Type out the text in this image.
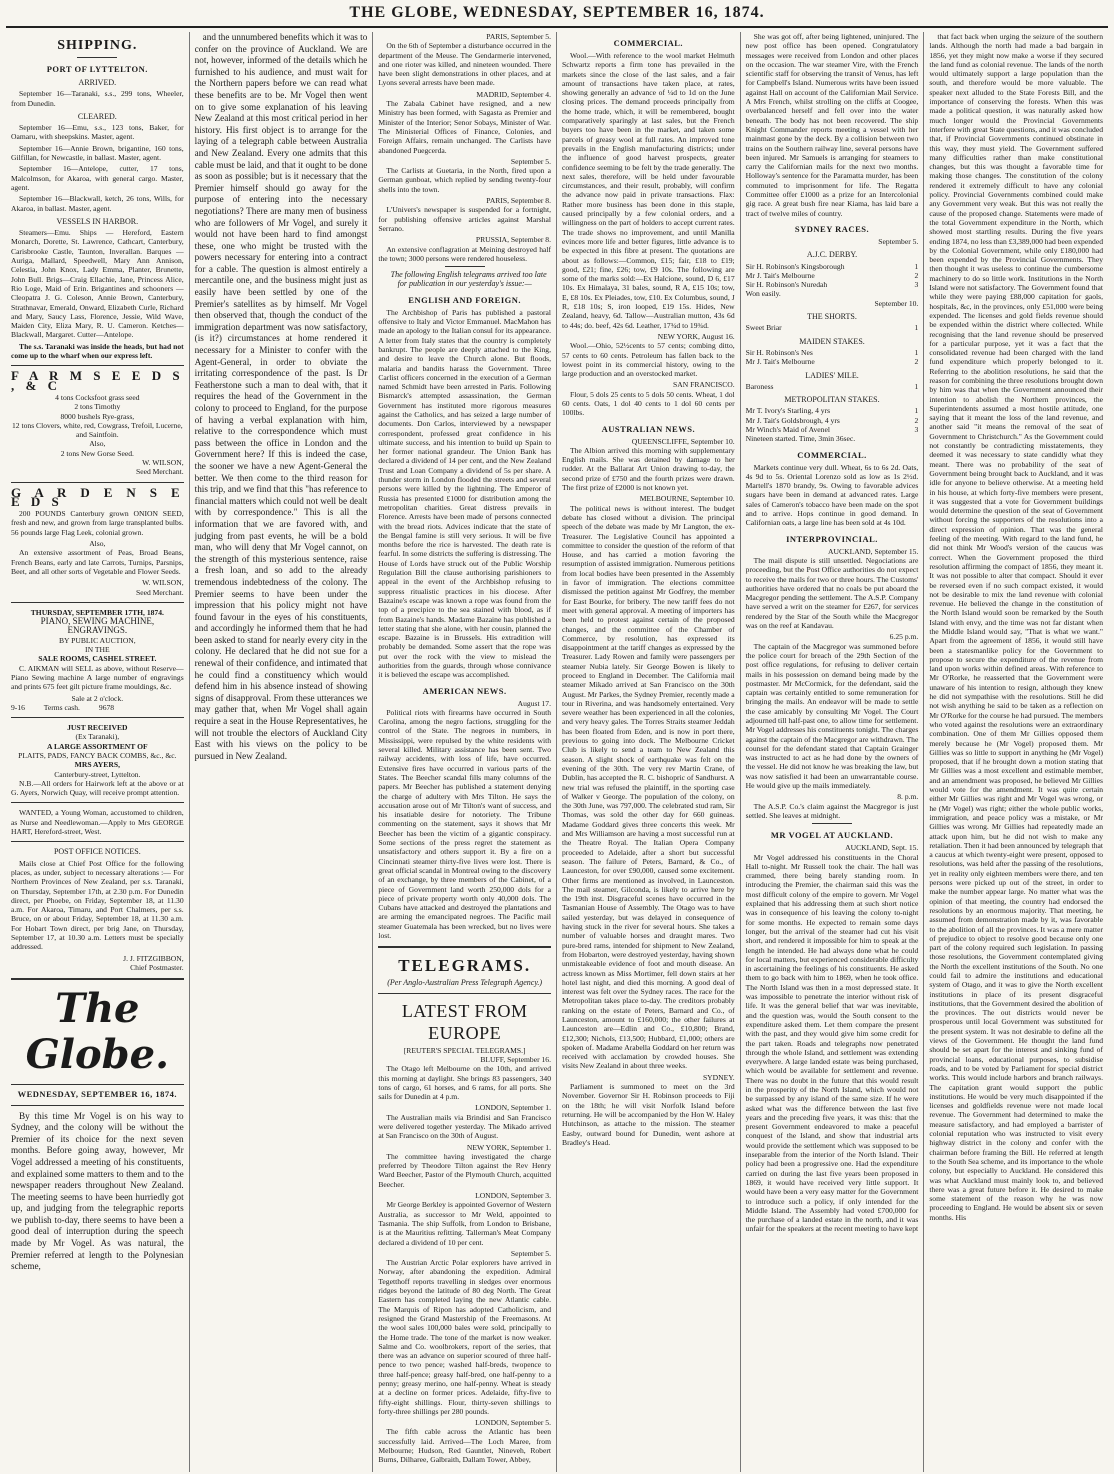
THE GLOBE, WEDNESDAY, SEPTEMBER 16, 1874.
SHIPPING.
PORT OF LYTTELTON.
ARRIVED.

September 16—Taranaki, s.s., 299 tons, Wheeler, from Dunedin.

CLEARED.

September 16—Emu, s.s., 123 tons, Baker, for Oamaru, with sheepskins. Master, agent.

September 16—Annie Brown, brigantine, 160 tons, Gilfillan, for Newcastle, in ballast. Master, agent.

September 16—Antelope, cutter, 17 tons, Malcolmson, for Akaroa, with general cargo. Master, agent.

September 16—Blackwall, ketch, 26 tons, Wills, for Akaroa, in ballast. Master, agent.

VESSELS IN HARBOR.

Steamers—Emu. Ships — Hereford, Eastern Monarch, Dorette, St. Lawrence, Cathcart, Canterbury, Carisbrooke Castle, Taunton, Inverallan. Barques — Auriga, Mallard, Speedwell, Mary Ann Annison, Celestia, John Knox, Lady Emma, Planter, Brunette, John Bull. Brigs—Craig Ellachie, Jane, Princess Alice, Rio Loge, Maid of Erin. Brigantines and schooners — Cleopatra J. G. Coleson, Annie Brown, Canterbury, Strathnavar, Emerald, Onward, Elizabeth Curle, Richard and Mary, Saucy Lass, Florence, Jessie, Wild Wave, Maiden City, Eliza Mary, R. U. Cameron. Ketches—Blackwall, Margaret. Cutter—Antelope.

The s.s. Taranaki was inside the heads, but had not come up to the wharf when our express left.

F A R M S E E D S , & C
4 tons Cocksfoot grass seed
2 tons Timothy
8000 bushels Rye-grass,
12 tons Clovers, white, red, Cowgrass, Trefoil, Lucerne, and Saintfoin.
Also,
2 tons New Gorse Seed.
W. WILSON,
Seed Merchant.
G A R D E N S E E D S

200 POUNDS Canterbury grown ONION SEED, fresh and new, and grown from large transplanted bulbs. 56 pounds large Flag Leek, colonial grown.

Also,

An extensive assortment of Peas, Broad Beans, French Beans, early and late Carrots, Turnips, Parsnips, Beet, and all other sorts of Vegetable and Flower Seeds.

W. WILSON,
Seed Merchant.
THURSDAY, SEPTEMBER 17TH, 1874.
PIANO, SEWING MACHINE, ENGRAVINGS.
BY PUBLIC AUCTION,
IN THE
SALE ROOMS, CASHEL STREET.

C. AIKMAN will SELL as above, without Reserve— Piano Sewing machine A large number of engravings and prints 675 feet gilt picture frame mouldings, &c.

Sale at 2 o'clock.
9-16          Terms cash.          9678
JUST RECEIVED
(Ex Taranaki),
A LARGE ASSORTMENT OF
PLAITS, PADS, FANCY BACK COMBS, &c., &c.
MRS AYERS,
Canterbury-street, Lyttelton.

N.B.—All orders for Hairwork left at the above or at G. Ayers, Norwich Quay, will receive prompt attention.

WANTED, a Young Woman, accustomed to children, as Nurse and Needlewoman.—Apply to Mrs GEORGE HART, Hereford-street, West.

POST OFFICE NOTICES.

Mails close at Chief Post Office for the following places, as under, subject to necessary alterations :— For Northern Provinces of New Zealand, per s.s. Taranaki, on Thursday, September 17th, at 2.30 p.m. For Dunedin direct, per Phoebe, on Friday, September 18, at 11.30 a.m. For Akaroa, Timaru, and Port Chalmers, per s.s. Bruce, on or about Friday, September 18, at 11.30 a.m. For Hobart Town direct, per brig Jane, on Thursday, September 17, at 10.30 a.m. Letters must be specially addressed.

J. J. FITZGIBBON,
Chief Postmaster.
The Globe.
WEDNESDAY, SEPTEMBER 16, 1874.

By this time Mr Vogel is on his way to Sydney, and the colony will be without the Premier of its choice for the next seven months. Before going away, however, Mr Vogel addressed a meeting of his constituents, and explained some matters to them and to the newspaper readers throughout New Zealand. The meeting seems to have been hurriedly got up, and judging from the telegraphic reports we publish to-day, there seems to have been a good deal of interruption during the speech made by Mr Vogel. As was natural, the Premier referred at length to the Polynesian scheme,

and the unnumbered benefits which it was to confer on the province of Auckland. We are not, however, informed of the details which he furnished to his audience, and must wait for the Northern papers before we can read what these benefits are to be. Mr Vogel then went on to give some explanation of his leaving New Zealand at this most critical period in her history. His first object is to arrange for the laying of a telegraph cable between Australia and New Zealand. Every one admits that this cable must be laid, and that it ought to be done as soon as possible; but is it necessary that the Premier himself should go away for the purpose of entering into the necessary negotiations? There are many men of business who are followers of Mr Vogel, and surely it would not have been hard to find amongst these, one who might be trusted with the powers necessary for entering into a contract for a cable. The question is almost entirely a mercantile one, and the business might just as easily have been settled by one of the Premier's satellites as by himself. Mr Vogel then observed that, though the conduct of the immigration department was now satisfactory, (is it?) circumstances at home rendered it necessary for a Minister to confer with the Agent-General, in order to obviate the irritating correspondence of the past. Is Dr Featherstone such a man to deal with, that it requires the head of the Government in the colony to proceed to England, for the purpose of having a verbal explanation with him, relative to the correspondence which must pass between the office in London and the Government here? If this is indeed the case, the sooner we have a new Agent-General the better. We then come to the third reason for this trip, and we find that this "has reference to financial matters which could not well be dealt with by correspondence." This is all the information that we are favored with, and judging from past events, he will be a bold man, who will deny that Mr Vogel cannot, on the strength of this mysterious sentence, raise a fresh loan, and so add to the already tremendous indebtedness of the colony. The Premier seems to have been under the impression that his policy might not have found favour in the eyes of his constituents, and accordingly he informed them that he had been asked to stand for nearly every city in the colony. He declared that he did not sue for a renewal of their confidence, and intimated that he could find a constituency which would defend him in his absence instead of showing signs of disapproval. From these utterances we may gather that, when Mr Vogel shall again require a seat in the House Representatives, he will not trouble the electors of Auckland City East with his views on the policy to be pursued in New Zealand.

PARIS, September 5.

On the 6th of September a disturbance occurred in the department of the Meuse. The Gendarmerie intervened, and one rioter was killed, and nineteen wounded. There have been slight demonstrations in other places, and at Lyons several arrests have been made.

MADRID, September 4.

The Zabala Cabinet have resigned, and a new Ministry has been formed, with Sagasta as Premier and Minister of the Interior; Senor Sobays, Minister of War. The Ministerial Offices of Finance, Colonies, and Foreign Affairs, remain unchanged. The Carlists have abandoned Puegcerda.

September 5.

The Carlists at Guetaria, in the North, fired upon a German gunboat, which replied by sending twenty-four shells into the town.

PARIS, September 8.

L'Univers's newspaper is suspended for a fortnight, for publishing offensive articles against Marshal Serrano.

PRUSSIA, September 8.

An extensive conflagration at Meining destroyed half the town; 3000 persons were rendered houseless.

The following English telegrams arrived too late for publication in our yesterday's issue:—

ENGLISH AND FOREIGN.

The Archbishop of Paris has published a pastoral offensive to Italy and Victor Emmanuel. MacMahon has made an apology to the Italian consul for its appearance. A letter from Italy states that the country is completely bankrupt. The people are deeply attached to the King, and desire to leave the Church alone. But floods, malaria and bandits harass the Government. Three Carlist officers concerned in the execution of a German named Schmidt have been arrested in Paris. Following Bismarck's attempted assassination, the German Government has instituted more rigorous measures against the Catholics, and has seized a large number of documents. Don Carlos, interviewed by a newspaper correspondent, professed great confidence in his ultimate success, and his intention to build up Spain to her former national grandeur. The Union Bank has declared a dividend of 14 per cent, and the New Zealand Trust and Loan Company a dividend of 5s per share. A thunder storm in London flooded the streets and several persons were killed by the lightning. The Emperor of Russia has presented £1000 for distribution among the metropolitan charities. Great distress prevails in Florence. Arrests have been made of persons connected with the bread riots. Advices indicate that the state of the Bengal famine is still very serious. It will be five months before the rice is harvested. The death rate is fearful. In some districts the suffering is distressing. The House of Lords have struck out of the Public Worship Regulation Bill the clause authorising parishioners to appeal in the event of the Archbishop refusing to suppress ritualistic practices in his diocese. After Bazaine's escape was known a rope was found from the top of a precipice to the sea stained with blood, as if from Bazaine's hands. Madame Bazaine has published a letter stating that she alone, with her cousin, planned the escape. Bazaine is in Brussels. His extradition will probably be demanded. Some assert that the rope was put over the rock with the view to mislead the authorities from the guards, through whose connivance it is believed the escape was accomplished.

AMERICAN NEWS.
August 17.

Political riots with firearms have occurred in South Carolina, among the negro factions, struggling for the control of the State. The negroes in numbers, in Mississippi, were repulsed by the white residents with several killed. Military assistance has been sent. Two railway accidents, with loss of life, have occurred. Extensive fires have occurred in various parts of the States. The Beecher scandal fills many columns of the papers. Mr Beecher has published a statement denying the charge of adultery with Mrs Tilton. He says the accusation arose out of Mr Tilton's want of success, and his insatiable desire for notoriety. The Tribune commenting on the statement, says it shows that Mr Beecher has been the victim of a gigantic conspiracy. Some sections of the press regret the statement as unsatisfactory and others support it. By a fire on a Cincinnati steamer thirty-five lives were lost. There is great official scandal in Montreal owing to the discovery of an exchange, by three members of the Cabinet, of a piece of Government land worth 250,000 dols for a piece of private property worth only 40,000 dols. The Cubans have attacked and destroyed the plantations and are arming the emancipated negroes. The Pacific mail steamer Guatemala has been wrecked, but no lives were lost.

TELEGRAMS.
(Per Anglo-Australian Press Telegraph Agency.)
LATEST FROM EUROPE
[REUTER'S SPECIAL TELEGRAMS.]
BLUFF, September 16.

The Otago left Melbourne on the 10th, and arrived this morning at daylight. She brings 83 passengers, 340 tons of cargo, 61 horses, and 6 rams, for all ports. She sails for Dunedin at 4 p.m.

LONDON, September 1.

The Australian mails via Brindisi and San Francisco were delivered together yesterday. The Mikado arrived at San Francisco on the 30th of August.

NEW YORK, September 1.

The committee having investigated the charge preferred by Theodore Tilton against the Rev Henry Ward Beecher, Pastor of the Plymouth Church, acquitted Beecher.

LONDON, September 3.

Mr George Berkley is appointed Governor of Western Australia, as successor to Mr Weld, appointed to Tasmania. The ship Suffolk, from London to Brisbane, is at the Mauritius refitting. Tallerman's Meat Company declared a dividend of 10 per cent.

September 5.

The Austrian Arctic Polar explorers have arrived in Norway, after abandoning the expedition. Admiral Tegetthoff reports travelling in sledges over enormous ridges beyond the latitude of 80 deg North. The Great Eastern has completed laying the new Atlantic cable. The Marquis of Ripon has adopted Catholicism, and resigned the Grand Mastership of the Freemasons. At the wool sales 100,000 bales were sold, principally to the Home trade. The tone of the market is now weaker. Salme and Co. woolbrokers, report of the series, that there was an advance on superior scoured of three half-pence to two pence; washed half-breds, twopence to three half-pence; greasy half-bred, one half-penny to a penny; greasy merino, one half-penny. Wheat is steady at a decline on former prices. Adelaide, fifty-five to fifty-eight shillings. Flour, thirty-seven shillings to forty-three shillings per 280 pounds.

LONDON, September 5.

The fifth cable across the Atlantic has been successfully laid. Arrived—The Loch Maree, from Melbourne; Hudson, Red Gauntlet, Nineveh, Robert Burns, Dilharee, Galbraith, Dallam Tower, Abbey,

COMMERCIAL.

Wool.—With reference to the wool market Helmuth Schwartz reports a firm tone has prevailed in the markets since the close of the last sales, and a fair amount of transactions have taken place, at rates, showing generally an advance of ¼d to 1d on the June closing prices. The demand proceeds principally from the home trade, which, it will be remembered, bought comparatively sparingly at last sales, but the French buyers too have been in the market, and taken some parcels of greasy wool at full rates. An improved tone prevails in the English manufacturing districts; under the influence of good harvest prospects, greater confidence seeming to be felt by the trade generally. The next sales, therefore, will be held under favourable circumstances, and their result, probably, will confirm the advance now paid in private transactions. Flax: Rather more business has been done in this staple, caused principally by a few colonial orders, and a willingness on the part of holders to accept current rates. The trade shows no improvement, and until Manilla evinces more life and better figures, little advance is to be expected in this fibre at present. The quotations are about as follows:—Common, £15; fair, £18 to £19; good, £21; fine, £26; tow, £9 10s. The following are some of the marks sold:—Ex Halcione, sound, D 6, £17 10s. Ex Himalaya, 31 bales, sound, R A, £15 10s; tow, E, £8 10s. Ex Pleiades, tow, £10. Ex Columbus, sound, J R, £18 10s; S, iron looped, £19 15s. Hides, New Zealand, heavy, 6d. Tallow—Australian mutton, 43s 6d to 44s; do. beef, 42s 6d. Leather, 17¾d to 19¾d.

NEW YORK, August 16.

Wool.—Ohio, 52½cents to 57 cents; combing ditto, 57 cents to 60 cents. Petroleum has fallen back to the lowest point in its commercial history, owing to the large production and an overstocked market.

SAN FRANCISCO.

Flour, 5 dols 25 cents to 5 dols 50 cents. Wheat, 1 dol 60 cents. Oats, 1 dol 40 cents to 1 dol 60 cents per 100lbs.

AUSTRALIAN NEWS.
QUEENSCLIFFE, September 10.

The Albion arrived this morning with supplementary English mails. She was detained by damage to her rudder. At the Ballarat Art Union drawing to-day, the second prize of £750 and the fourth prizes were drawn. The first prize of £2000 is not known yet.

MELBOURNE, September 10.

The political news is without interest. The budget debate has closed without a division. The principal speech of the debate was made by Mr Langton, the ex-Treasurer. The Legislative Council has appointed a committee to consider the question of the reform of that House, and has carried a motion favoring the resumption of assisted immigration. Numerous petitions from local bodies have been presented in the Assembly in favor of immigration. The elections committee dismissed the petition against Mr Godfrey, the member for East Bourke, for bribery. The new tariff fees do not meet with general approval. A meeting of importers has been held to protest against certain of the proposed changes, and the committee of the Chamber of Commerce, by resolution, has expressed its disappointment at the tariff changes as expressed by the Treasurer. Lady Rowen and family were passengers per steamer Nubia lately. Sir George Bowen is likely to proceed to England in December. The California mail steamer Mikado arrived at San Francisco on the 30th August. Mr Parkes, the Sydney Premier, recently made a tour in Riverina, and was handsomely entertained. Very severe weather has been experienced in all the colonies, and very heavy gales. The Torres Straits steamer Jeddah has been floated from Eden, and is now in port there, previous to going into dock. The Melbourne Cricket Club is likely to send a team to New Zealand this season. A slight shock of earthquake was felt on the evening of the 30th. The very rev Martin Crane, of Dublin, has accepted the R. C. bishopric of Sandhurst. A new trial was refused the plaintiff, in the sporting case of Walker v George. The population of the colony, on the 30th June, was 797,000. The celebrated stud ram, Sir Thomas, was sold the other day for 660 guineas. Madame Goddard gives three concerts this week. Mr and Mrs Williamson are having a most successful run at the Theatre Royal. The Italian Opera Company proceeded to Adelaide, after a short but successful season. The failure of Peters, Barnard, & Co., of Launceston, for over £90,000, caused some excitement. Other firms are mentioned as involved, in Launceston. The mail steamer, Gilconda, is likely to arrive here by the 19th inst. Disgraceful scenes have occurred in the Tasmanian House of Assembly. The Otago was to have sailed yesterday, but was delayed in consequence of having stuck in the river for several hours. She takes a number of valuable horses and draught mares. Two pure-bred rams, intended for shipment to New Zealand, from Hobarton, were destroyed yesterday, having shown unmistakeable evidence of foot and mouth disease. An actress known as Miss Mortimer, fell down stairs at her hotel last night, and died this morning. A good deal of interest was felt over the Sydney races. The race for the Metropolitan takes place to-day. The creditors probably ranking on the estate of Peters, Barnard and Co., of Launceston, amount to £160,000; the other failures at Launceston are—Edlin and Co., £10,800; Brand, £12,300; Nichols, £13,500; Hubbard, £1,000; others are spoken of. Madame Arabella Goddard on her return was received with acclamation by crowded houses. She visits New Zealand in about three weeks.

SYDNEY.

Parliament is summoned to meet on the 3rd November. Governor Sir H. Robinson proceeds to Fiji on the 18th; he will visit Norfolk Island before returning. He will be accompanied by the Hon W. Haley Hutchinson, as attache to the mission. The steamer Easby, outward bound for Dunedin, went ashore at Bradley's Head.

She was got off, after being lightened, uninjured. The new post office has been opened. Congratulatory messages were received from London and other places on the occasion. The war steamer Vire, with the French scientific staff for observing the transit of Venus, has left for Campbell's Island. Numerous writs have been issued against Hall on account of the Californian Mail Service. A Mrs French, whilst strolling on the cliffs at Coogee, overbalanced herself and fell over into the water beneath. The body has not been recovered. The ship Knight Commander reports meeting a vessel with her mainmast gone by the deck. By a collision between two trains on the Southern railway line, several persons have been injured. Mr Samuels is arranging for steamers to carry the Californian mails for the next two months. Holloway's sentence for the Paramatta murder, has been commuted to imprisonment for life. The Regatta Committee offer £1000 as a prize for an Intercolonial gig race. A great bush fire near Kiama, has laid bare a tract of twelve miles of country.

SYDNEY RACES.
September 5.
A.J.C. DERBY.
Sir H. Robinson's Kingsborough	1
Mr J. Tait's Melbourne	2
Sir H. Robinson's Nuredah	3
Won easily.
September 10.
THE SHORTS.
Sweet Briar	1
MAIDEN STAKES.
Sir H. Robinson's Nes	1
Mr J. Tait's Melbourne	2
LADIES' MILE.
Baroness	1
METROPOLITAN STAKES.
Mr T. Ivory's Starling, 4 yrs	1
Mr J. Tait's Goldsbrough, 4 yrs	2
Mr Winch's Maid of Avenel	3
Nineteen started. Time, 3min 36sec.
COMMERCIAL.

Markets continue very dull. Wheat, 6s to 6s 2d. Oats, 4s 9d to 5s. Oriental Lorenzo sold as low as 1s 2½d. Martell's 1870 brandy, 9s. Owing to favorable advices sugars have been in demand at advanced rates. Large sales of Cameron's tobacco have been made on the spot and to arrive. Hops continue in good demand. In Californian oats, a large line has been sold at 4s 10d.

INTERPROVINCIAL.
AUCKLAND, September 15.

The mail dispute is still unsettled. Negociations are proceeding, but the Post Office authorities do not expect to receive the mails for two or three hours. The Customs' authorities have ordered that no coals be put aboard the Macgregor pending the settlement. The A.S.P. Company have served a writ on the steamer for £267, for services rendered by the Star of the South while the Macgregor was on the reef at Kandavau.

6.25 p.m.

The captain of the Macgregor was summoned before the police court for breach of the 29th Section of the post office regulations, for refusing to deliver certain mails in his possession on demand being made by the postmaster. Mr McCormick, for the defendant, said the captain was certainly entitled to some remuneration for bringing the mails. An endeavor will be made to settle the case amicably by consulting Mr Vogel. The Court adjourned till half-past one, to allow time for settlement. Mr Vogel addresses his constituents tonight. The charges against the captain of the Macgregor are withdrawn. The counsel for the defendant stated that Captain Grainger was instructed to act as he had done by the owners of the vessel. He did not know he was breaking the law, but was now satisfied it had been an unwarrantable course. He would give up the mails immediately.

8. p.m.

The A.S.P. Co.'s claim against the Macgregor is just settled. She leaves at midnight.

MR VOGEL AT AUCKLAND.
AUCKLAND, Sept. 15.

Mr Vogel addressed his constituents in the Choral Hall to-night. Mr Russell took the chair. The hall was crammed, there being barely standing room. In introducing the Premier, the chairman said this was the most difficult colony of the empire to govern. Mr Vogel explained that his addressing them at such short notice was in consequence of his leaving the colony to-night for some months. He expected to remain some days longer, but the arrival of the steamer had cut his visit short, and rendered it impossible for him to speak at the length he intended. He had always done what he could for local matters, but experienced considerable difficulty in ascertaining the feelings of his constituents. He asked them to go back with him to 1869, when he took office. The North Island was then in a most depressed state. It was impossible to penetrate the interior without risk of life. It was the general belief that war was inevitable, and the question was, would the South consent to the expenditure asked them. Let them compare the present with the past, and they would give him some credit for the part taken. Roads and telegraphs now penetrated through the whole Island, and settlement was extending everywhere. A large landed estate was being purchased, which would be available for settlement and revenue. There was no doubt in the future that this would result in the prosperity of the North Island, which would not be surpassed by any island of the same size. If he were asked what was the difference between the last five years and the preceding five years, it was this: that the present Government endeavored to make a peaceful conquest of the Island, and show that industrial arts would provide the settlement which was supposed to be inseparable from the interior of the North Island. Their policy had been a progressive one. Had the expenditure carried on during the last five years been proposed in 1869, it would have received very little support. It would have been a very easy matter for the Government to introduce such a policy, if only intended for the Middle Island. The Assembly had voted £700,000 for the purchase of a landed estate in the north, and it was unfair for the speakers at the recent meeting to have kept

that fact back when urging the seizure of the southern lands. Although the north had made a bad bargain in 1856, yet they might now make a worse if they secured the land fund as colonial revenue. The lands of the north would ultimately support a large population than the south, and therefore would be more valuable. The speaker next alluded to the State Forests Bill, and the importance of conserving the forests. When this was made a political question, it was naturally asked how much longer would the Provincial Governments interfere with great State questions, and it was concluded that, if Provincial Governments continued obstinate in this way, they must yield. The Government suffered many difficulties rather than make constitutional changes, but this was thought a favorable time for making those changes. The constitution of the colony rendered it extremely difficult to have any colonial policy. Provincial Governments combined could make any Government very weak. But this was not really the cause of the proposed change. Statements were made of the total Government expenditure in the North, which showed most startling results. During the five years ending 1874, no less than £3,389,000 had been expended by the Colonial Government, while only £180,000 had been expended by the Provincial Governments. They then thought it was useless to continue the cumbersome machinery to do so little work. Institutions in the North Island were not satisfactory. The Government found that while they were paying £88,000 capitation for gaols, hospitals, &c, in the provinces, only £51,000 were being expended. The licenses and gold fields revenue should be expended within the district where collected. While recognising that the land revenue should be preserved for a particular purpose, yet it was a fact that the consolidated revenue had been charged with the land fund expenditure which properly belonged to it. Referring to the abolition resolutions, he said that the reason for combining the three resolutions brought down by him was that when the Government announced their intention to abolish the Northern provinces, the Superintendents assumed a most hostile attitude, one saying that it meant the loss of the land revenue, and another said "it means the removal of the seat of Government to Christchurch." As the Government could not constantly be contradicting misstatements, they deemed it was necessary to state candidly what they meant. There was no probability of the seat of Government being brought back to Auckland, and it was idle for anyone to believe otherwise. At a meeting held in his house, at which forty-five members were present, it was suggested that a vote for Government buildings would determine the question of the seat of Government without forcing the supporters of the resolutions into a direct expression of opinion. That was the general feeling of the meeting. With regard to the land fund, he did not think Mr Wood's version of the caucus was correct. When the Government proposed the third resolution affirming the compact of 1856, they meant it. It was not possible to alter that compact. Should it ever be reversed even if no such compact existed, it would not be desirable to mix the land revenue with colonial revenue. He believed the change in the constitution of the North Island would soon be remarked by the South Island with envy, and the time was not far distant when the Middle Island would say, "That is what we want." Apart from the agreement of 1856, it would still have been a statesmanlike policy for the Government to propose to secure the expenditure of the revenue from land upon works within defined areas. With reference to Mr O'Rorke, he reasserted that the Government were unaware of his intention to resign, although they knew he did not sympathise with the resolutions. Still he did not wish anything he said to be taken as a reflection on Mr O'Rorke for the course he had pursued. The members who voted against the resolutions were an extraordinary combination. One of them Mr Gillies opposed them merely because he (Mr Vogel) proposed them. Mr Gillies was so little to support in anything he (Mr Vogel) proposed, that if he brought down a motion stating that Mr Gillies was a most excellent and estimable member, and an amendment was proposed, he believed Mr Gillies would vote for the amendment. It was quite certain either Mr Gillies was right and Mr Vogel was wrong, or he (Mr Vogel) was right; either the whole public works, immigration, and peace policy was a mistake, or Mr Gillies was wrong. Mr Gillies had repeatedly made an attack upon him, but he did not wish to make any retaliation. Then it had been announced by telegraph that a caucus at which twenty-eight were present, opposed to resolutions, was held after the passing of the resolutions, yet in reality only eighteen members were there, and ten persons were picked up out of the street, in order to make the number appear large. No matter what was the opinion of that meeting, the country had endorsed the resolutions by an enormous majority. That meeting, he assumed from demonstration made by it, was favorable to the abolition of all the provinces. It was a mere matter of prejudice to object to resolve good because only one part of the colony required such legislation. In passing those resolutions, the Government contemplated giving the North the excellent institutions of the South. No one could fail to admire the institutions and educational system of Otago, and it was to give the North excellent institutions in place of its present disgraceful institutions, that the Government desired the abolition of the provinces. The out districts would never be prosperous until local Government was substituted for the present system. It was not desirable to define all the views of the Government. He thought the land fund should be set apart for the interest and sinking fund of provincial loans, educational purposes, to subsidise roads, and to be voted by Parliament for special district works. This would include harbors and branch railways. The capitation grant would support the public institutions. He would be very much disappointed if the licenses and goldfields revenue were not made local revenue. The Government had determined to make the measure satisfactory, and had employed a barrister of colonial reputation who was instructed to visit every highway district in the colony and confer with the chairman before framing the Bill. He referred at length to the South Sea scheme, and its importance to the whole colony, but especially to Auckland. He considered this was what Auckland must mainly look to, and believed there was a great future before it. He desired to make some statement of the reason why he was now proceeding to England. He would be absent six or seven months. His
